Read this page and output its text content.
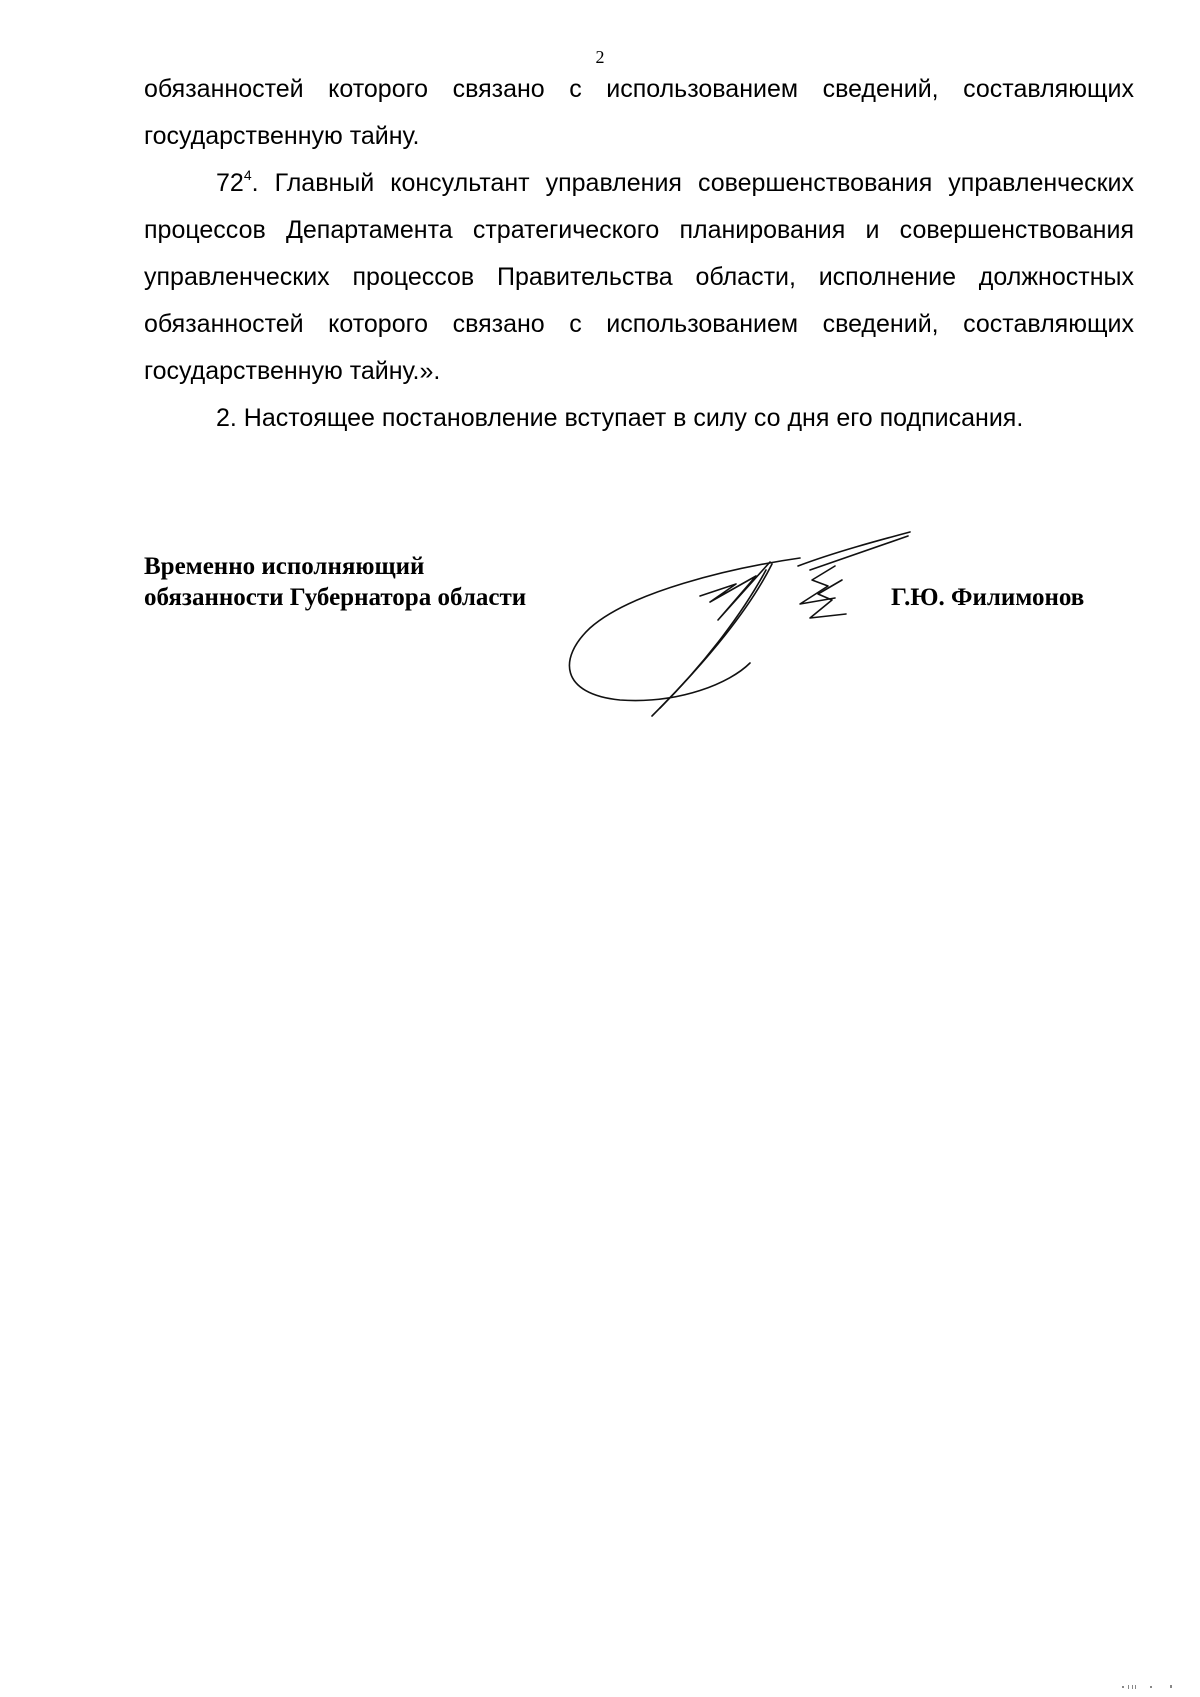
2

обязанностей которого связано с использованием сведений, составляющих государственную тайну.

$72^4$. Главный консультант управления совершенствования управленческих процессов Департамента стратегического планирования и совершенствования управленческих процессов Правительства области, исполнение должностных обязанностей которого связано с использованием сведений, составляющих государственную тайну.».

2. Настоящее постановление вступает в силу со дня его подписания.

Временно исполняющий
обязанности Губернатора области	Г.Ю. Филимонов
